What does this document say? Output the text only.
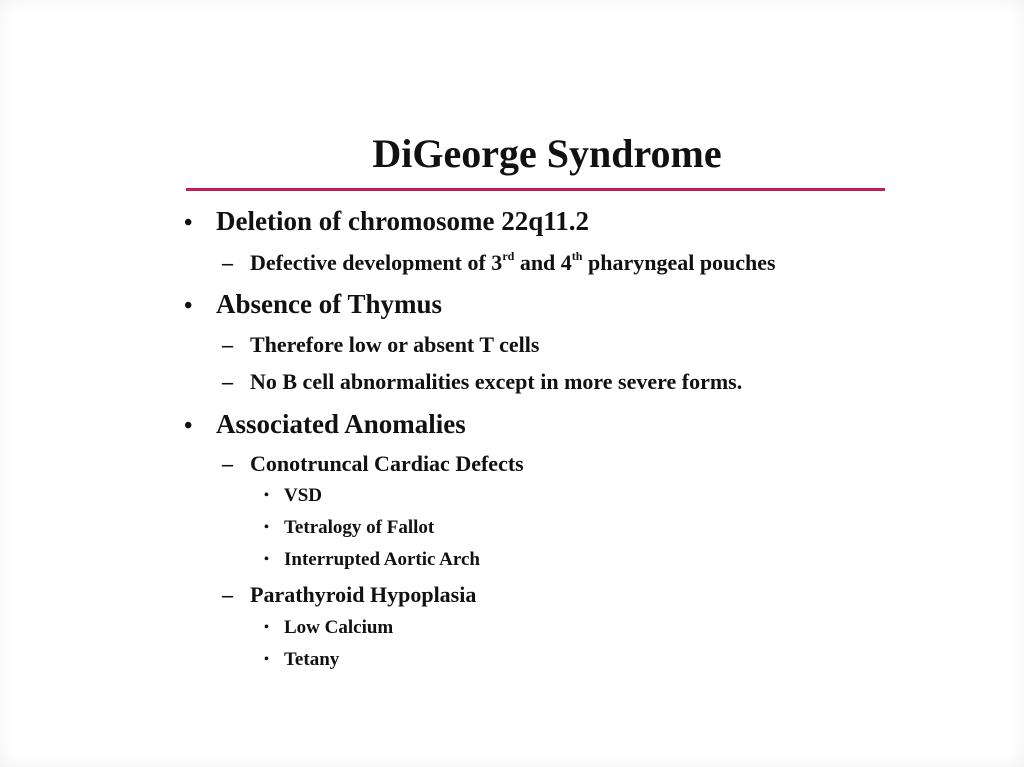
DiGeorge Syndrome
• Deletion of chromosome 22q11.2
– Defective development of 3rd and 4th pharyngeal pouches
• Absence of Thymus
– Therefore low or absent T cells
– No B cell abnormalities except in more severe forms.
• Associated Anomalies
– Conotruncal Cardiac Defects
• VSD
• Tetralogy of Fallot
• Interrupted Aortic Arch
– Parathyroid Hypoplasia
• Low Calcium
• Tetany
